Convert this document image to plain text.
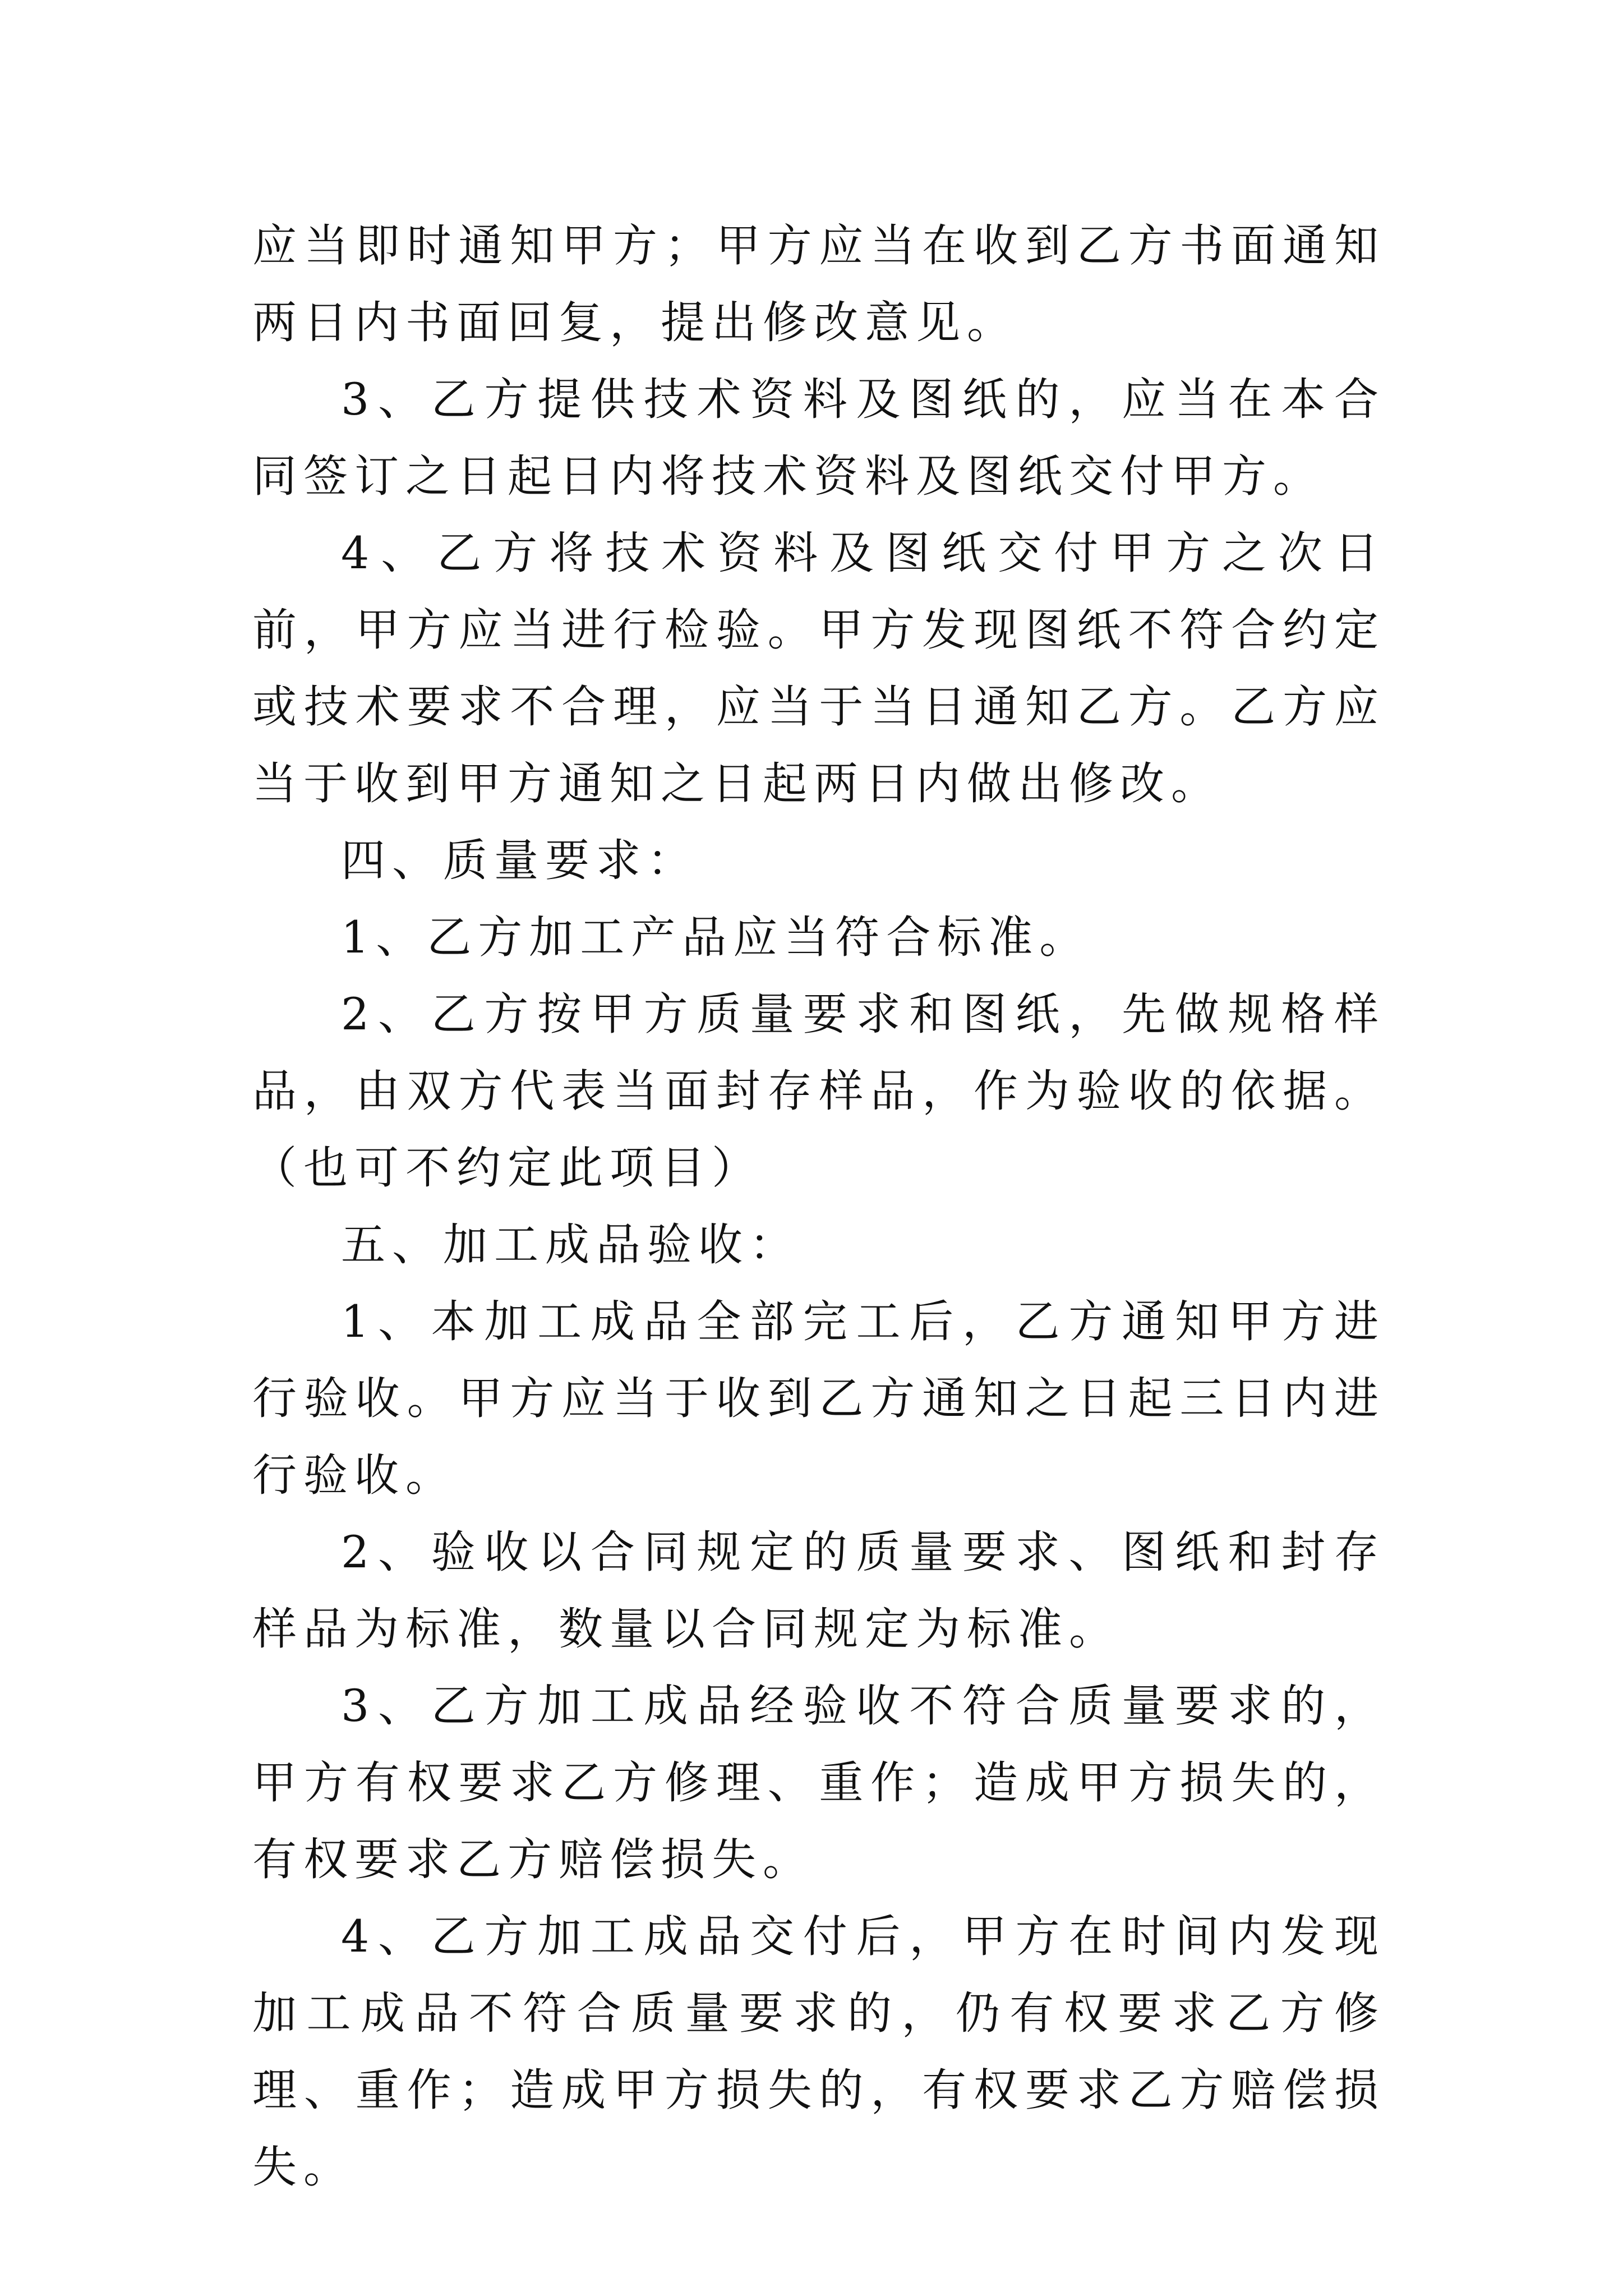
应当即时通知甲方；甲方应当在收到乙方书面通知两日内书面回复，提出修改意见。

3、乙方提供技术资料及图纸的，应当在本合同签订之日起日内将技术资料及图纸交付甲方。

4、乙方将技术资料及图纸交付甲方之次日前，甲方应当进行检验。甲方发现图纸不符合约定或技术要求不合理，应当于当日通知乙方。乙方应当于收到甲方通知之日起两日内做出修改。

四、质量要求：

1、乙方加工产品应当符合标准。

2、乙方按甲方质量要求和图纸，先做规格样品，由双方代表当面封存样品，作为验收的依据。（也可不约定此项目）

五、加工成品验收：

1、本加工成品全部完工后，乙方通知甲方进行验收。甲方应当于收到乙方通知之日起三日内进行验收。

2、验收以合同规定的质量要求、图纸和封存样品为标准，数量以合同规定为标准。

3、乙方加工成品经验收不符合质量要求的，甲方有权要求乙方修理、重作；造成甲方损失的，有权要求乙方赔偿损失。

4、乙方加工成品交付后，甲方在时间内发现加工成品不符合质量要求的，仍有权要求乙方修理、重作；造成甲方损失的，有权要求乙方赔偿损失。
